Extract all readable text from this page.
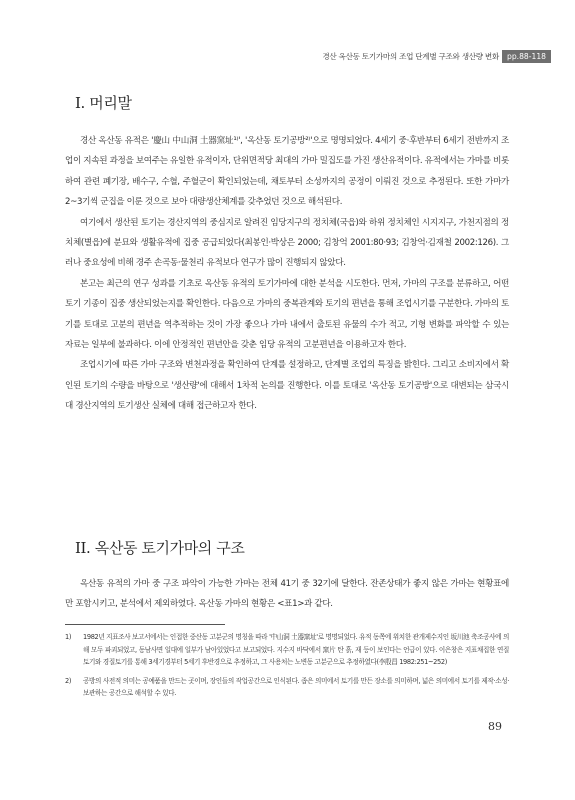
경산 옥산동 토기가마의 조업 단계별 구조와 생산량 변화	pp.88-118
I. 머리말

경산 옥산동 유적은 '慶山 中山洞 土器窯址¹⁾', '옥산동 토기공방²⁾'으로 명명되었다. 4세기 중·후반부터 6세기 전반까지 조업이 지속된 과정을 보여주는 유일한 유적이자, 단위면적당 최대의 가마 밀집도를 가진 생산유적이다. 유적에서는 가마를 비롯하여 관련 폐기장, 배수구, 수혈, 주혈군이 확인되었는데, 채토부터 소성까지의 공정이 이뤄진 것으로 추정된다. 또한 가마가 2~3기씩 군집을 이룬 것으로 보아 대량생산체계를 갖추었던 것으로 해석된다.

여기에서 생산된 토기는 경산지역의 중심지로 알려진 임당지구의 정치체(국읍)와 하위 정치체인 시지지구, 가천지점의 정치체(별읍)에 분묘와 생활유적에 집중 공급되었다(최봉인·박상은 2000; 김창억 2001:80·93; 김창억·김재철 2002:126). 그러나 중요성에 비해 경주 손곡동·물천리 유적보다 연구가 많이 진행되지 않았다.

본고는 최근의 연구 성과를 기초로 옥산동 유적의 토기가마에 대한 분석을 시도한다. 먼저, 가마의 구조를 분류하고, 어떤 토기 기종이 집중 생산되었는지를 확인한다. 다음으로 가마의 중복관계와 토기의 편년을 통해 조업시기를 구분한다. 가마의 토기를 토대로 고분의 편년을 역추적하는 것이 가장 좋으나 가마 내에서 출토된 유물의 수가 적고, 기형 변화를 파악할 수 있는 자료는 일부에 불과하다. 이에 안정적인 편년안을 갖춘 임당 유적의 고분편년을 이용하고자 한다.

조업시기에 따른 가마 구조와 변천과정을 확인하여 단계를 설정하고, 단계별 조업의 특징을 밝힌다. 그리고 소비지에서 확인된 토기의 수량을 바탕으로 '생산량'에 대해서 1차적 논의를 진행한다. 이를 토대로 '옥산동 토기공방'으로 대변되는 삼국시대 경산지역의 토기생산 실체에 대해 접근하고자 한다.

II. 옥산동 토기가마의 구조

옥산동 유적의 가마 중 구조 파악이 가능한 가마는 전체 41기 중 32기에 달한다. 잔존상태가 좋지 않은 가마는 현황표에만 포함시키고, 분석에서 제외하였다. 옥산동 가마의 현황은 <표1>과 같다.

1)	1982년 지표조사 보고서에서는 인접한 중산동 고분군의 명칭을 따라 '中山洞 土器窯址'로 명명되었다. 유적 동쪽에 위치한 관개제수지인 坂川池 축조공사에 의해 모두 파괴되었고, 동남사면 일대에 일부가 남아있었다고 보고되었다. 지수지 바닥에서 窯片 탄 흙, 재 등이 보인다는 언급이 있다. 이은창은 지표채집한 연질토기와 경질토기를 통해 3세기경부터 5세기 후반경으로 추정하고, 그 사용처는 노변동 고분군으로 추정하였다(李殷昌 1982:251~252)
2)	공방의 사전적 의미는 공예품을 만드는 곳이며, 장인들의 작업공간으로 인식된다. 좁은 의미에서 토기를 만든 장소를 의미하며, 넓은 의미에서 토기를 제작·소성·보관하는 공간으로 해석할 수 있다.
89
